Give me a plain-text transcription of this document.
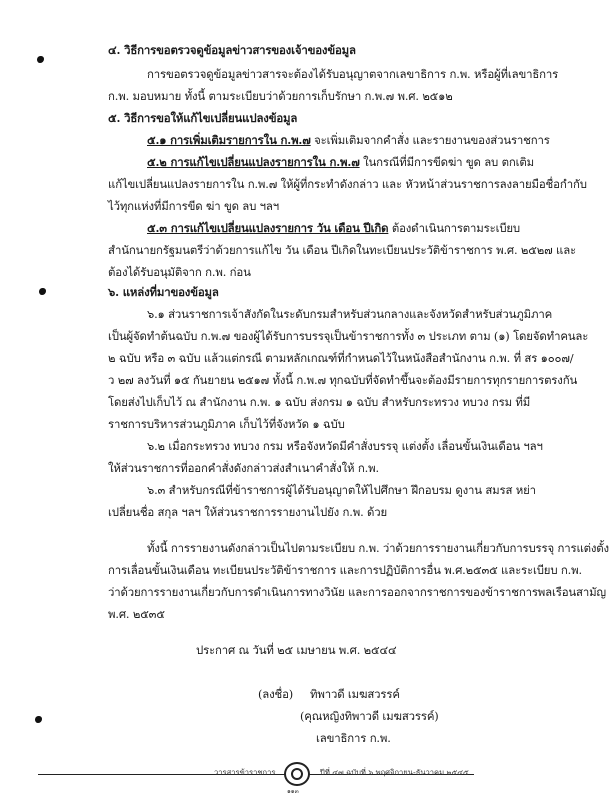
๔. วิธีการขอตรวจดูข้อมูลข่าวสารของเจ้าของข้อมูล
การขอตรวจดูข้อมูลข่าวสารจะต้องได้รับอนุญาตจากเลขาธิการ ก.พ. หรือผู้ที่เลขาธิการ
ก.พ. มอบหมาย ทั้งนี้ ตามระเบียบว่าด้วยการเก็บรักษา ก.พ.๗ พ.ศ. ๒๕๑๒
๕. วิธีการขอให้แก้ไขเปลี่ยนแปลงข้อมูล
๕.๑ การเพิ่มเติมรายการใน ก.พ.๗ จะเพิ่มเติมจากคำสั่ง และรายงานของส่วนราชการ
๕.๒ การแก้ไขเปลี่ยนแปลงรายการใน ก.พ.๗ ในกรณีที่มีการขีดฆ่า ขูด ลบ ตกเติม
แก้ไขเปลี่ยนแปลงรายการใน ก.พ.๗ ให้ผู้ที่กระทำดังกล่าว และ หัวหน้าส่วนราชการลงลายมือชื่อกำกับ
ไว้ทุกแห่งที่มีการขีด ฆ่า ขูด ลบ ฯลฯ
๕.๓ การแก้ไขเปลี่ยนแปลงรายการ วัน เดือน ปีเกิด ต้องดำเนินการตามระเบียบ
สำนักนายกรัฐมนตรีว่าด้วยการแก้ไข วัน เดือน ปีเกิดในทะเบียนประวัติข้าราชการ พ.ศ. ๒๕๒๗ และ
ต้องได้รับอนุมัติจาก ก.พ. ก่อน
๖. แหล่งที่มาของข้อมูล
๖.๑ ส่วนราชการเจ้าสังกัดในระดับกรมสำหรับส่วนกลางและจังหวัดสำหรับส่วนภูมิภาค
เป็นผู้จัดทำต้นฉบับ ก.พ.๗ ของผู้ได้รับการบรรจุเป็นข้าราชการทั้ง ๓ ประเภท ตาม (๑) โดยจัดทำคนละ
๒ ฉบับ หรือ ๓ ฉบับ แล้วแต่กรณี ตามหลักเกณฑ์ที่กำหนดไว้ในหนังสือสำนักงาน ก.พ. ที่ สร ๑๐๐๗/
ว ๒๗ ลงวันที่ ๑๕ กันยายน ๒๕๑๗ ทั้งนี้ ก.พ.๗ ทุกฉบับที่จัดทำขึ้นจะต้องมีรายการทุกรายการตรงกัน
โดยส่งไปเก็บไว้ ณ สำนักงาน ก.พ. ๑ ฉบับ ส่งกรม ๑ ฉบับ สำหรับกระทรวง ทบวง กรม ที่มี
ราชการบริหารส่วนภูมิภาค เก็บไว้ที่จังหวัด ๑ ฉบับ
๖.๒ เมื่อกระทรวง ทบวง กรม หรือจังหวัดมีคำสั่งบรรจุ แต่งตั้ง เลื่อนขั้นเงินเดือน ฯลฯ
ให้ส่วนราชการที่ออกคำสั่งดังกล่าวส่งสำเนาคำสั่งให้ ก.พ.
๖.๓ สำหรับกรณีที่ข้าราชการผู้ได้รับอนุญาตให้ไปศึกษา ฝึกอบรม ดูงาน สมรส หย่า
เปลี่ยนชื่อ สกุล ฯลฯ ให้ส่วนราชการรายงานไปยัง ก.พ. ด้วย
ทั้งนี้ การรายงานดังกล่าวเป็นไปตามระเบียบ ก.พ. ว่าด้วยการรายงานเกี่ยวกับการบรรจุ การแต่งตั้ง
การเลื่อนขั้นเงินเดือน ทะเบียนประวัติข้าราชการ และการปฏิบัติการอื่น พ.ศ.๒๕๓๕ และระเบียบ ก.พ.
ว่าด้วยการรายงานเกี่ยวกับการดำเนินการทางวินัย และการออกจากราชการของข้าราชการพลเรือนสามัญ
พ.ศ. ๒๕๓๕
ประกาศ ณ วันที่ ๒๕ เมษายน พ.ศ. ๒๕๔๔
(ลงชื่อ) ทิพาวดี เมฆสวรรค์
(คุณหญิงทิพาวดี เมฆสวรรค์)
เลขาธิการ ก.พ.
วารสารข้าราชการ
๑๑๓
ปีที่ ๔๗ ฉบับที่ ๖ พฤศจิกายน-ธันวาคม ๒๕๔๕
